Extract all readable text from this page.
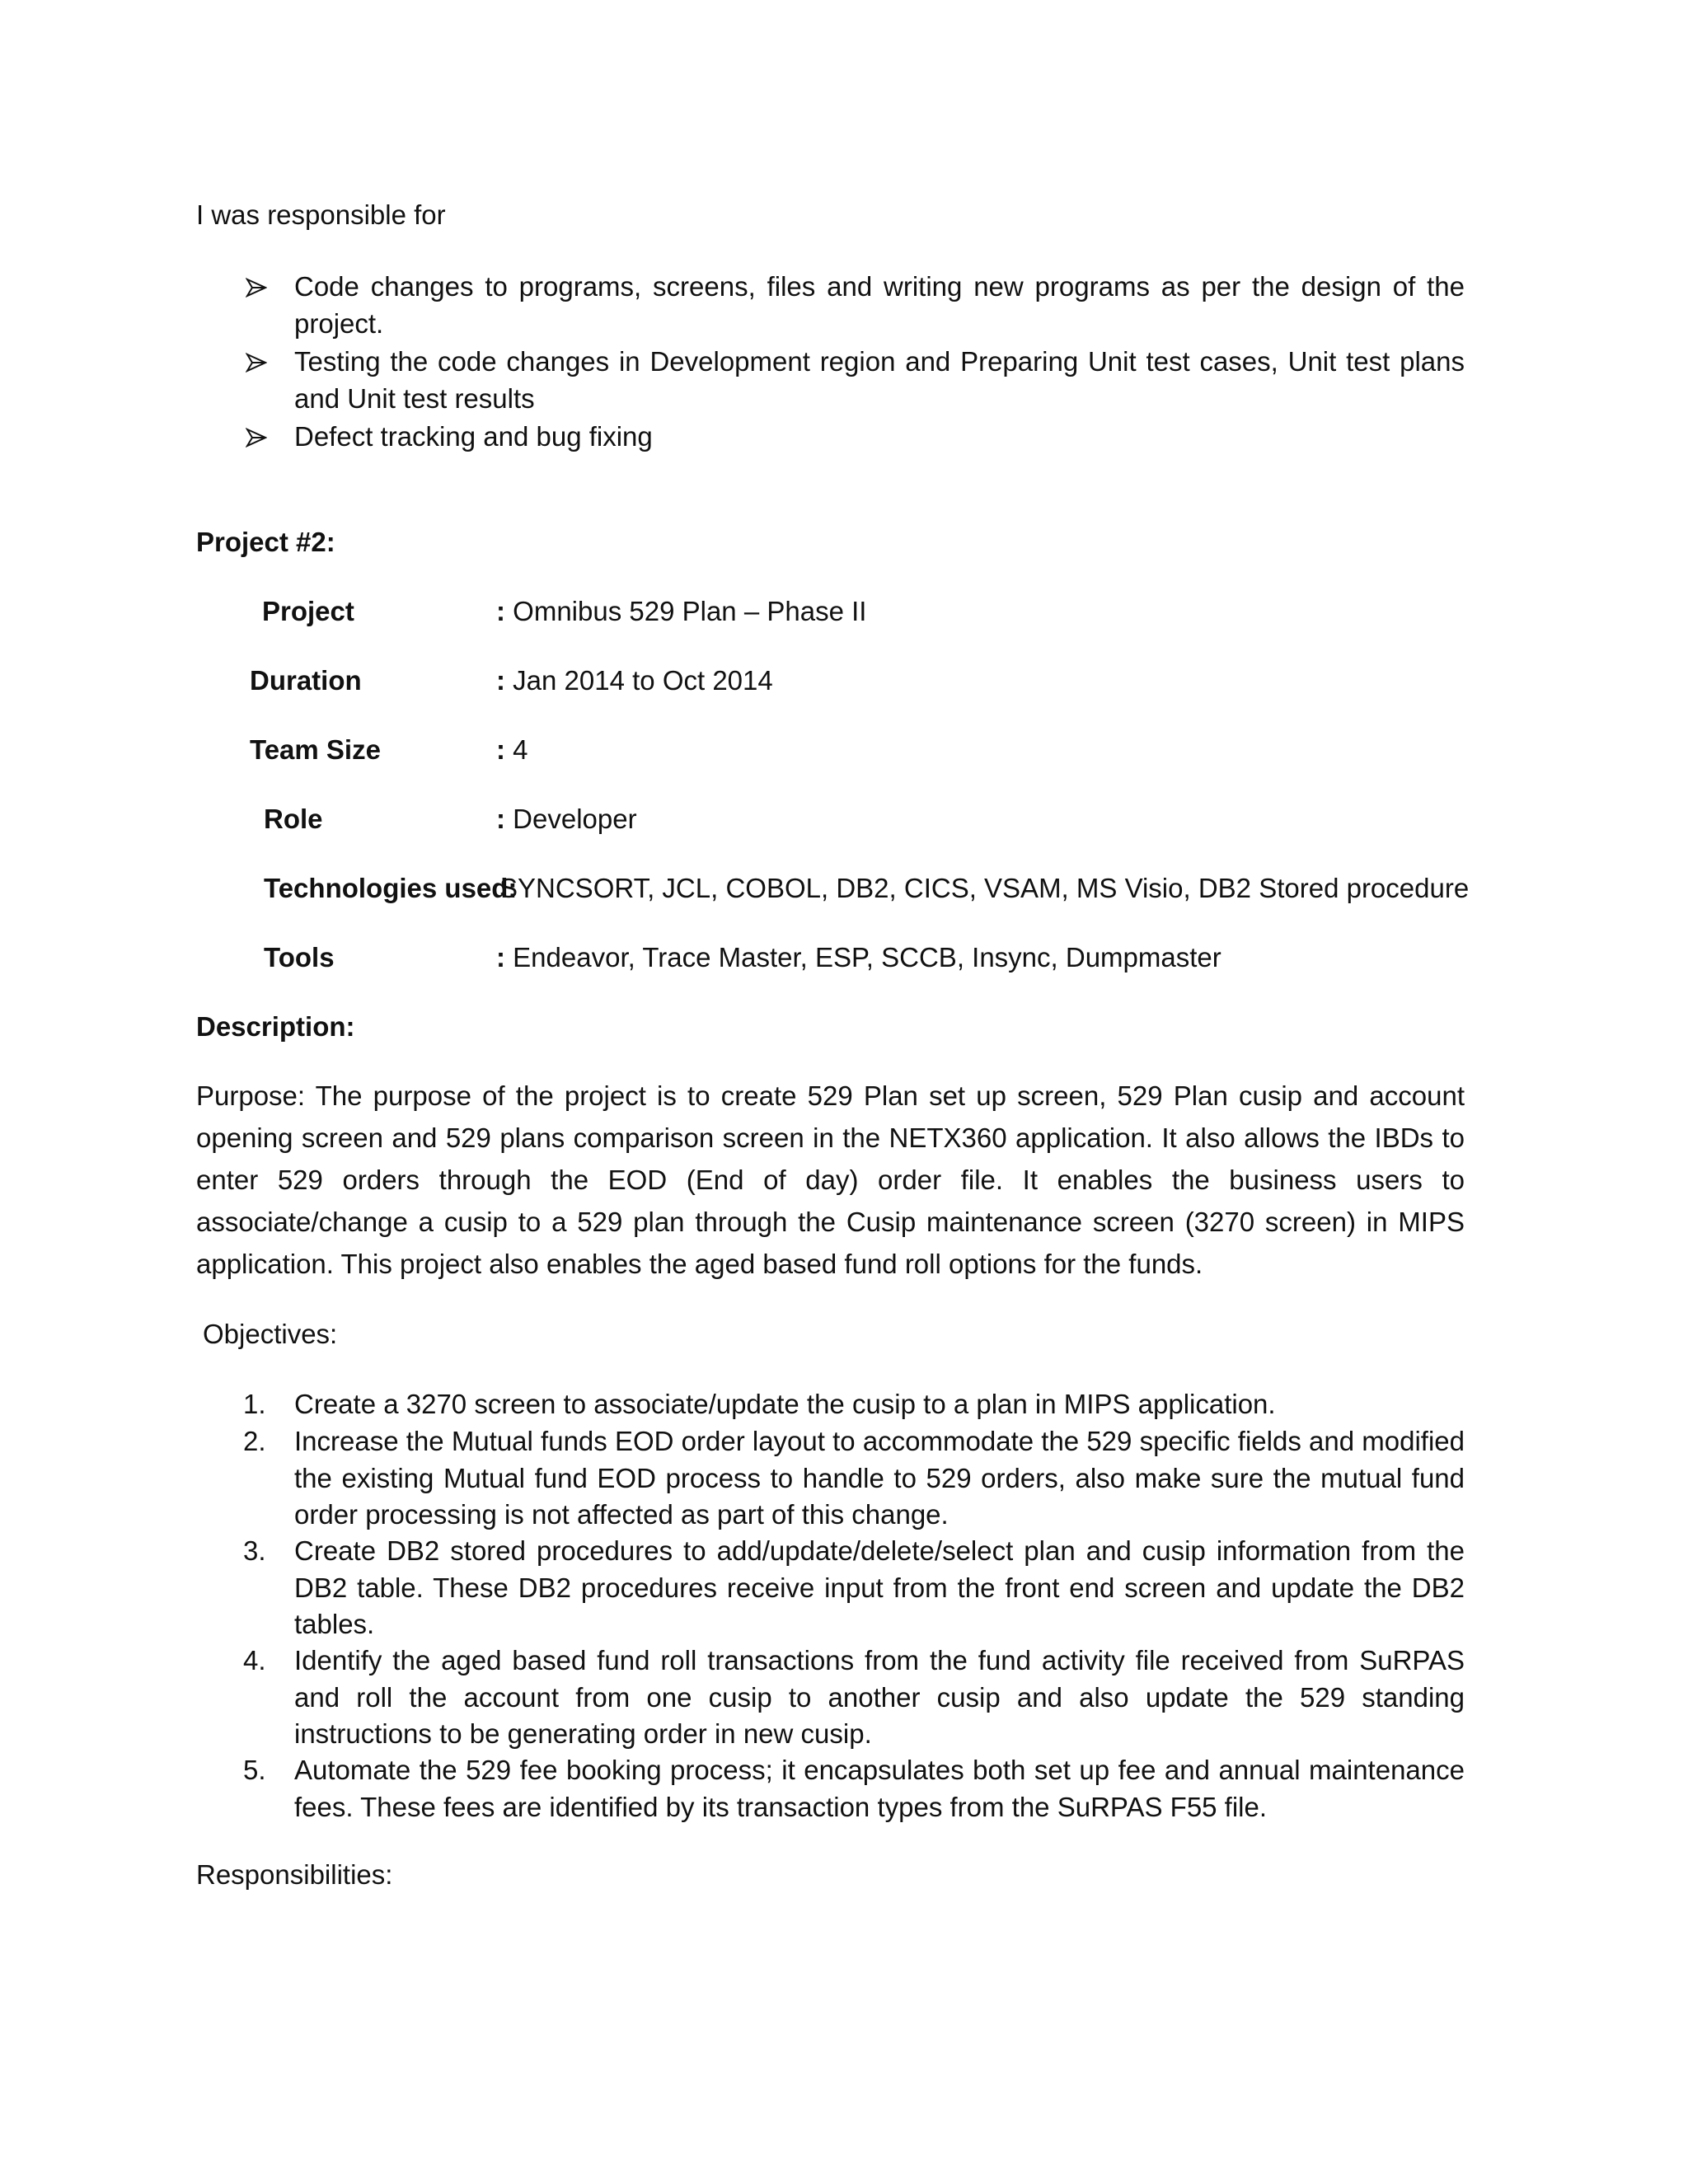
I was responsible for
Code changes to programs, screens, files and writing new programs as per the design of the project.
Testing the code changes in Development region and Preparing Unit test cases, Unit test plans and Unit test results
Defect tracking and bug fixing
Project #2:
Project	: Omnibus 529 Plan – Phase II
Duration	: Jan 2014 to Oct 2014
Team Size	: 4
Role	: Developer
Technologies used:
SYNCSORT, JCL, COBOL, DB2, CICS, VSAM, MS Visio, DB2 Stored procedure
Tools	: Endeavor, Trace Master, ESP, SCCB, Insync, Dumpmaster
Description:
Purpose: The purpose of the project is to create 529 Plan set up screen, 529 Plan cusip and account opening screen and 529 plans comparison screen in the NETX360 application. It also allows the IBDs to enter 529 orders through the EOD (End of day) order file. It enables the business users to associate/change a cusip to a 529 plan through the Cusip maintenance screen (3270 screen) in MIPS application. This project also enables the aged based fund roll options for the funds.
Objectives:
1.	Create a 3270 screen to associate/update the cusip to a plan in MIPS application.
2.	Increase the Mutual funds EOD order layout to accommodate the 529 specific fields and modified the existing Mutual fund EOD process to handle to 529 orders, also make sure the mutual fund order processing is not affected as part of this change.
3.	Create DB2 stored procedures to add/update/delete/select plan and cusip information from the DB2 table. These DB2 procedures receive input from the front end screen and update the DB2 tables.
4.	Identify the aged based fund roll transactions from the fund activity file received from SuRPAS and roll the account from one cusip to another cusip and also update the 529 standing instructions to be generating order in new cusip.
5.	Automate the 529 fee booking process; it encapsulates both set up fee and annual maintenance fees. These fees are identified by its transaction types from the SuRPAS F55 file.
Responsibilities:
